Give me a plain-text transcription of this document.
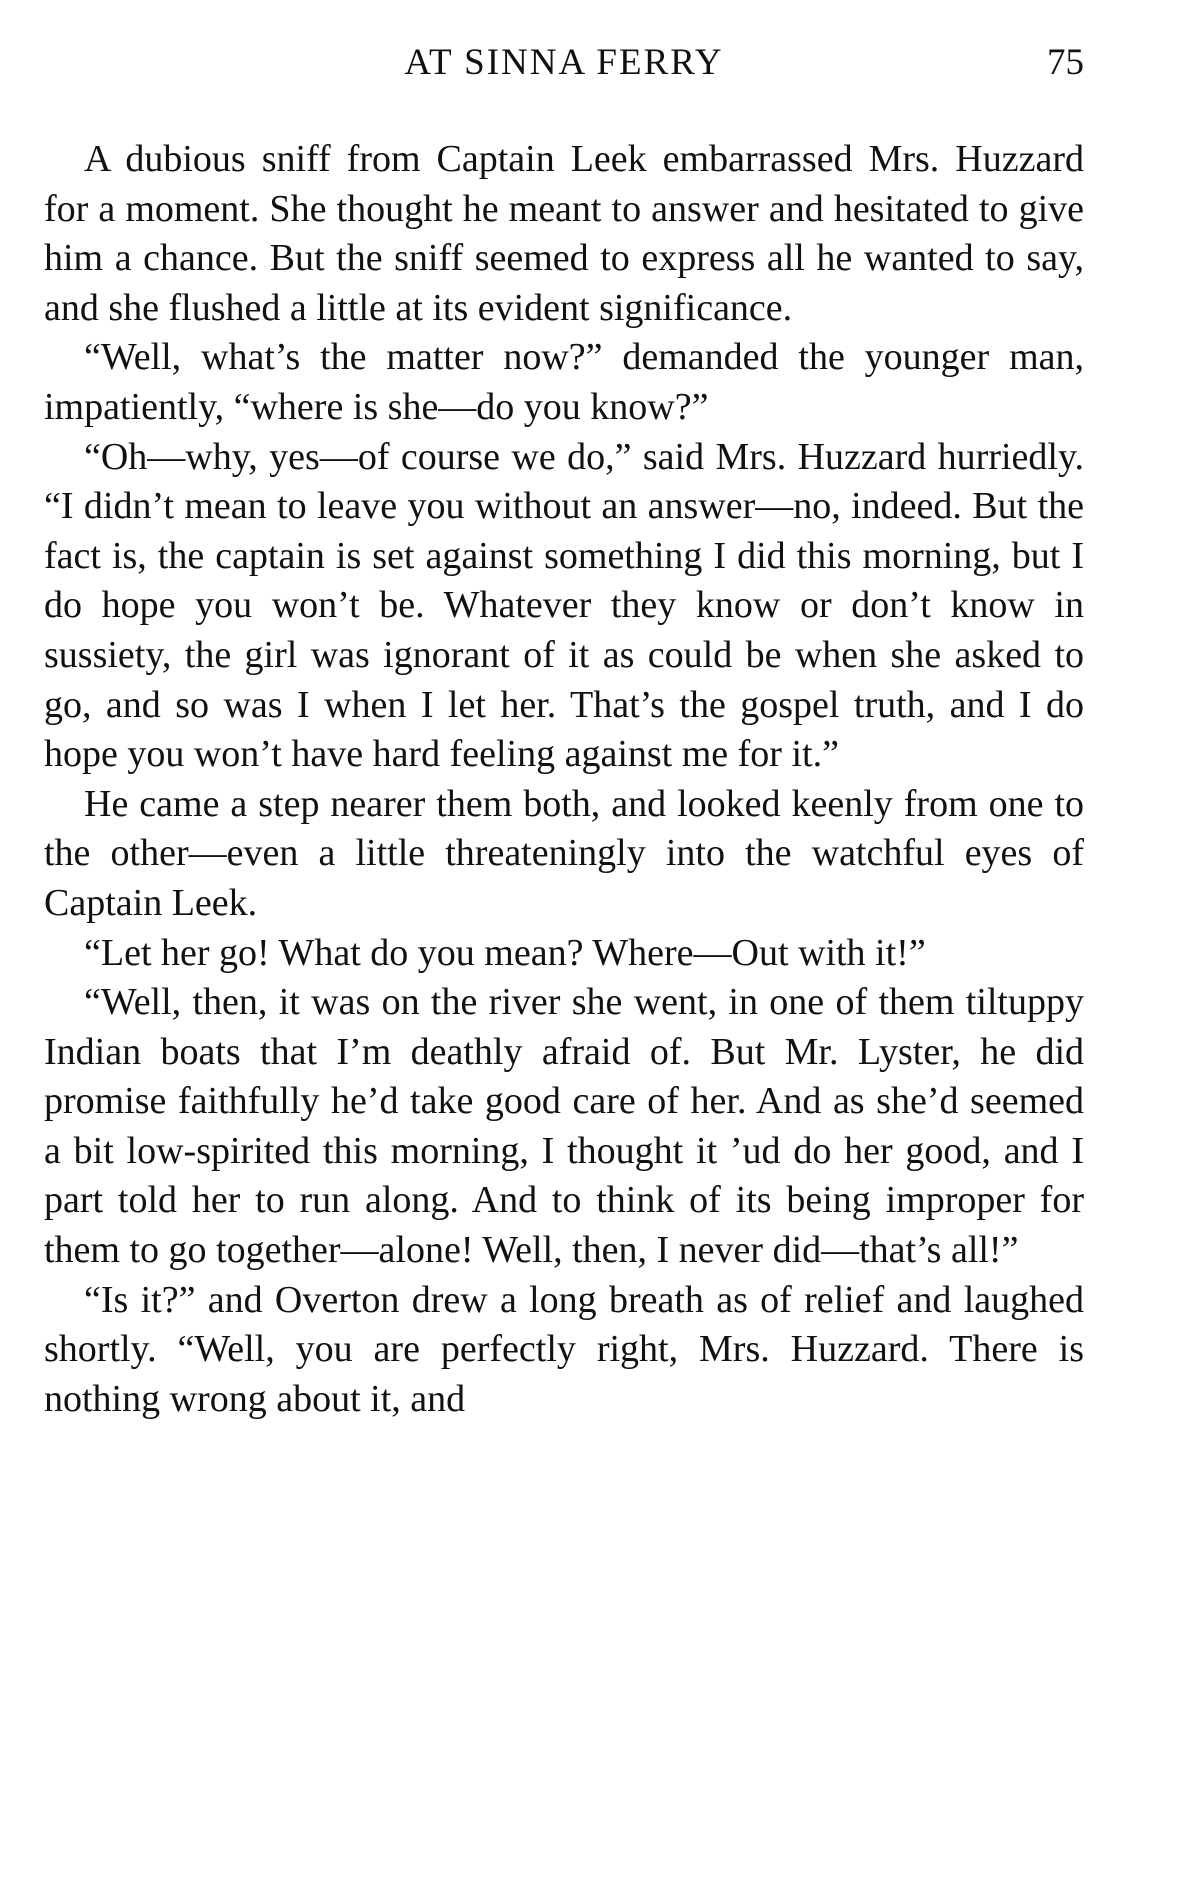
AT SINNA FERRY	75

A dubious sniff from Captain Leek embarrassed Mrs. Huzzard for a moment. She thought he meant to answer and hesitated to give him a chance. But the sniff seemed to express all he wanted to say, and she flushed a little at its evident significance.

“Well, what’s the matter now?” demanded the younger man, impatiently, “where is she—do you know?”

“Oh—why, yes—of course we do,” said Mrs. Huzzard hurriedly. “I didn’t mean to leave you without an answer—no, indeed. But the fact is, the captain is set against something I did this morning, but I do hope you won’t be. Whatever they know or don’t know in sussiety, the girl was ignorant of it as could be when she asked to go, and so was I when I let her. That’s the gospel truth, and I do hope you won’t have hard feeling against me for it.”

He came a step nearer them both, and looked keenly from one to the other—even a little threateningly into the watchful eyes of Captain Leek.

“Let her go! What do you mean? Where—Out with it!”

“Well, then, it was on the river she went, in one of them tiltuppy Indian boats that I’m deathly afraid of. But Mr. Lyster, he did promise faithfully he’d take good care of her. And as she’d seemed a bit low-spirited this morning, I thought it ’ud do her good, and I part told her to run along. And to think of its being improper for them to go together—alone! Well, then, I never did—that’s all!”

“Is it?” and Overton drew a long breath as of relief and laughed shortly. “Well, you are perfectly right, Mrs. Huzzard. There is nothing wrong about it, and
